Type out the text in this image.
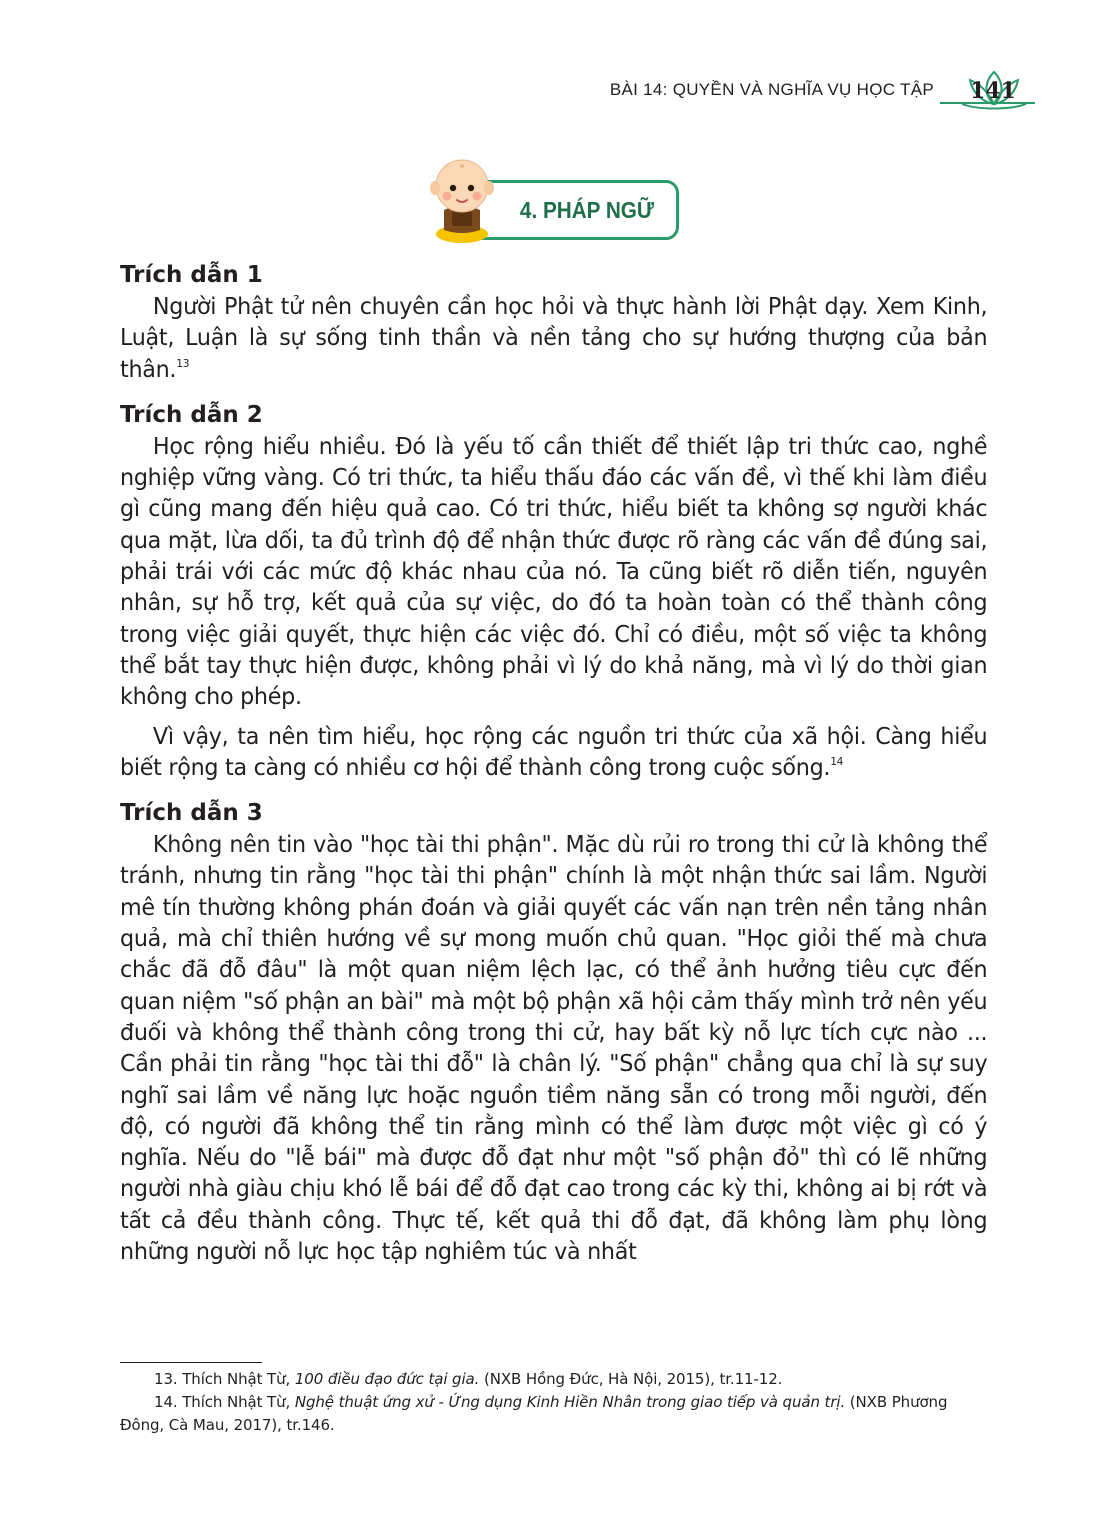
BÀI 14: QUYỀN VÀ NGHĨA VỤ HỌC TẬP 141
4. PHÁP NGỮ
Trích dẫn 1

Người Phật tử nên chuyên cần học hỏi và thực hành lời Phật dạy. Xem Kinh, Luật, Luận là sự sống tinh thần và nền tảng cho sự hướng thượng của bản thân.$^{13}$

Trích dẫn 2

Học rộng hiểu nhiều. Đó là yếu tố cần thiết để thiết lập tri thức cao, nghề nghiệp vững vàng. Có tri thức, ta hiểu thấu đáo các vấn đề, vì thế khi làm điều gì cũng mang đến hiệu quả cao. Có tri thức, hiểu biết ta không sợ người khác qua mặt, lừa dối, ta đủ trình độ để nhận thức được rõ ràng các vấn đề đúng sai, phải trái với các mức độ khác nhau của nó. Ta cũng biết rõ diễn tiến, nguyên nhân, sự hỗ trợ, kết quả của sự việc, do đó ta hoàn toàn có thể thành công trong việc giải quyết, thực hiện các việc đó. Chỉ có điều, một số việc ta không thể bắt tay thực hiện được, không phải vì lý do khả năng, mà vì lý do thời gian không cho phép.

Vì vậy, ta nên tìm hiểu, học rộng các nguồn tri thức của xã hội. Càng hiểu biết rộng ta càng có nhiều cơ hội để thành công trong cuộc sống.$^{14}$

Trích dẫn 3

Không nên tin vào "học tài thi phận". Mặc dù rủi ro trong thi cử là không thể tránh, nhưng tin rằng "học tài thi phận" chính là một nhận thức sai lầm. Người mê tín thường không phán đoán và giải quyết các vấn nạn trên nền tảng nhân quả, mà chỉ thiên hướng về sự mong muốn chủ quan. "Học giỏi thế mà chưa chắc đã đỗ đâu" là một quan niệm lệch lạc, có thể ảnh hưởng tiêu cực đến quan niệm "số phận an bài" mà một bộ phận xã hội cảm thấy mình trở nên yếu đuối và không thể thành công trong thi cử, hay bất kỳ nỗ lực tích cực nào ... Cần phải tin rằng "học tài thi đỗ" là chân lý. "Số phận" chẳng qua chỉ là sự suy nghĩ sai lầm về năng lực hoặc nguồn tiềm năng sẵn có trong mỗi người, đến độ, có người đã không thể tin rằng mình có thể làm được một việc gì có ý nghĩa. Nếu do "lễ bái" mà được đỗ đạt như một "số phận đỏ" thì có lẽ những người nhà giàu chịu khó lễ bái để đỗ đạt cao trong các kỳ thi, không ai bị rớt và tất cả đều thành công. Thực tế, kết quả thi đỗ đạt, đã không làm phụ lòng những người nỗ lực học tập nghiêm túc và nhất

13. Thích Nhật Từ, 100 điều đạo đức tại gia. (NXB Hồng Đức, Hà Nội, 2015), tr.11-12.

14. Thích Nhật Từ, Nghệ thuật ứng xử - Ứng dụng Kinh Hiền Nhân trong giao tiếp và quản trị. (NXB Phương Đông, Cà Mau, 2017), tr.146.
